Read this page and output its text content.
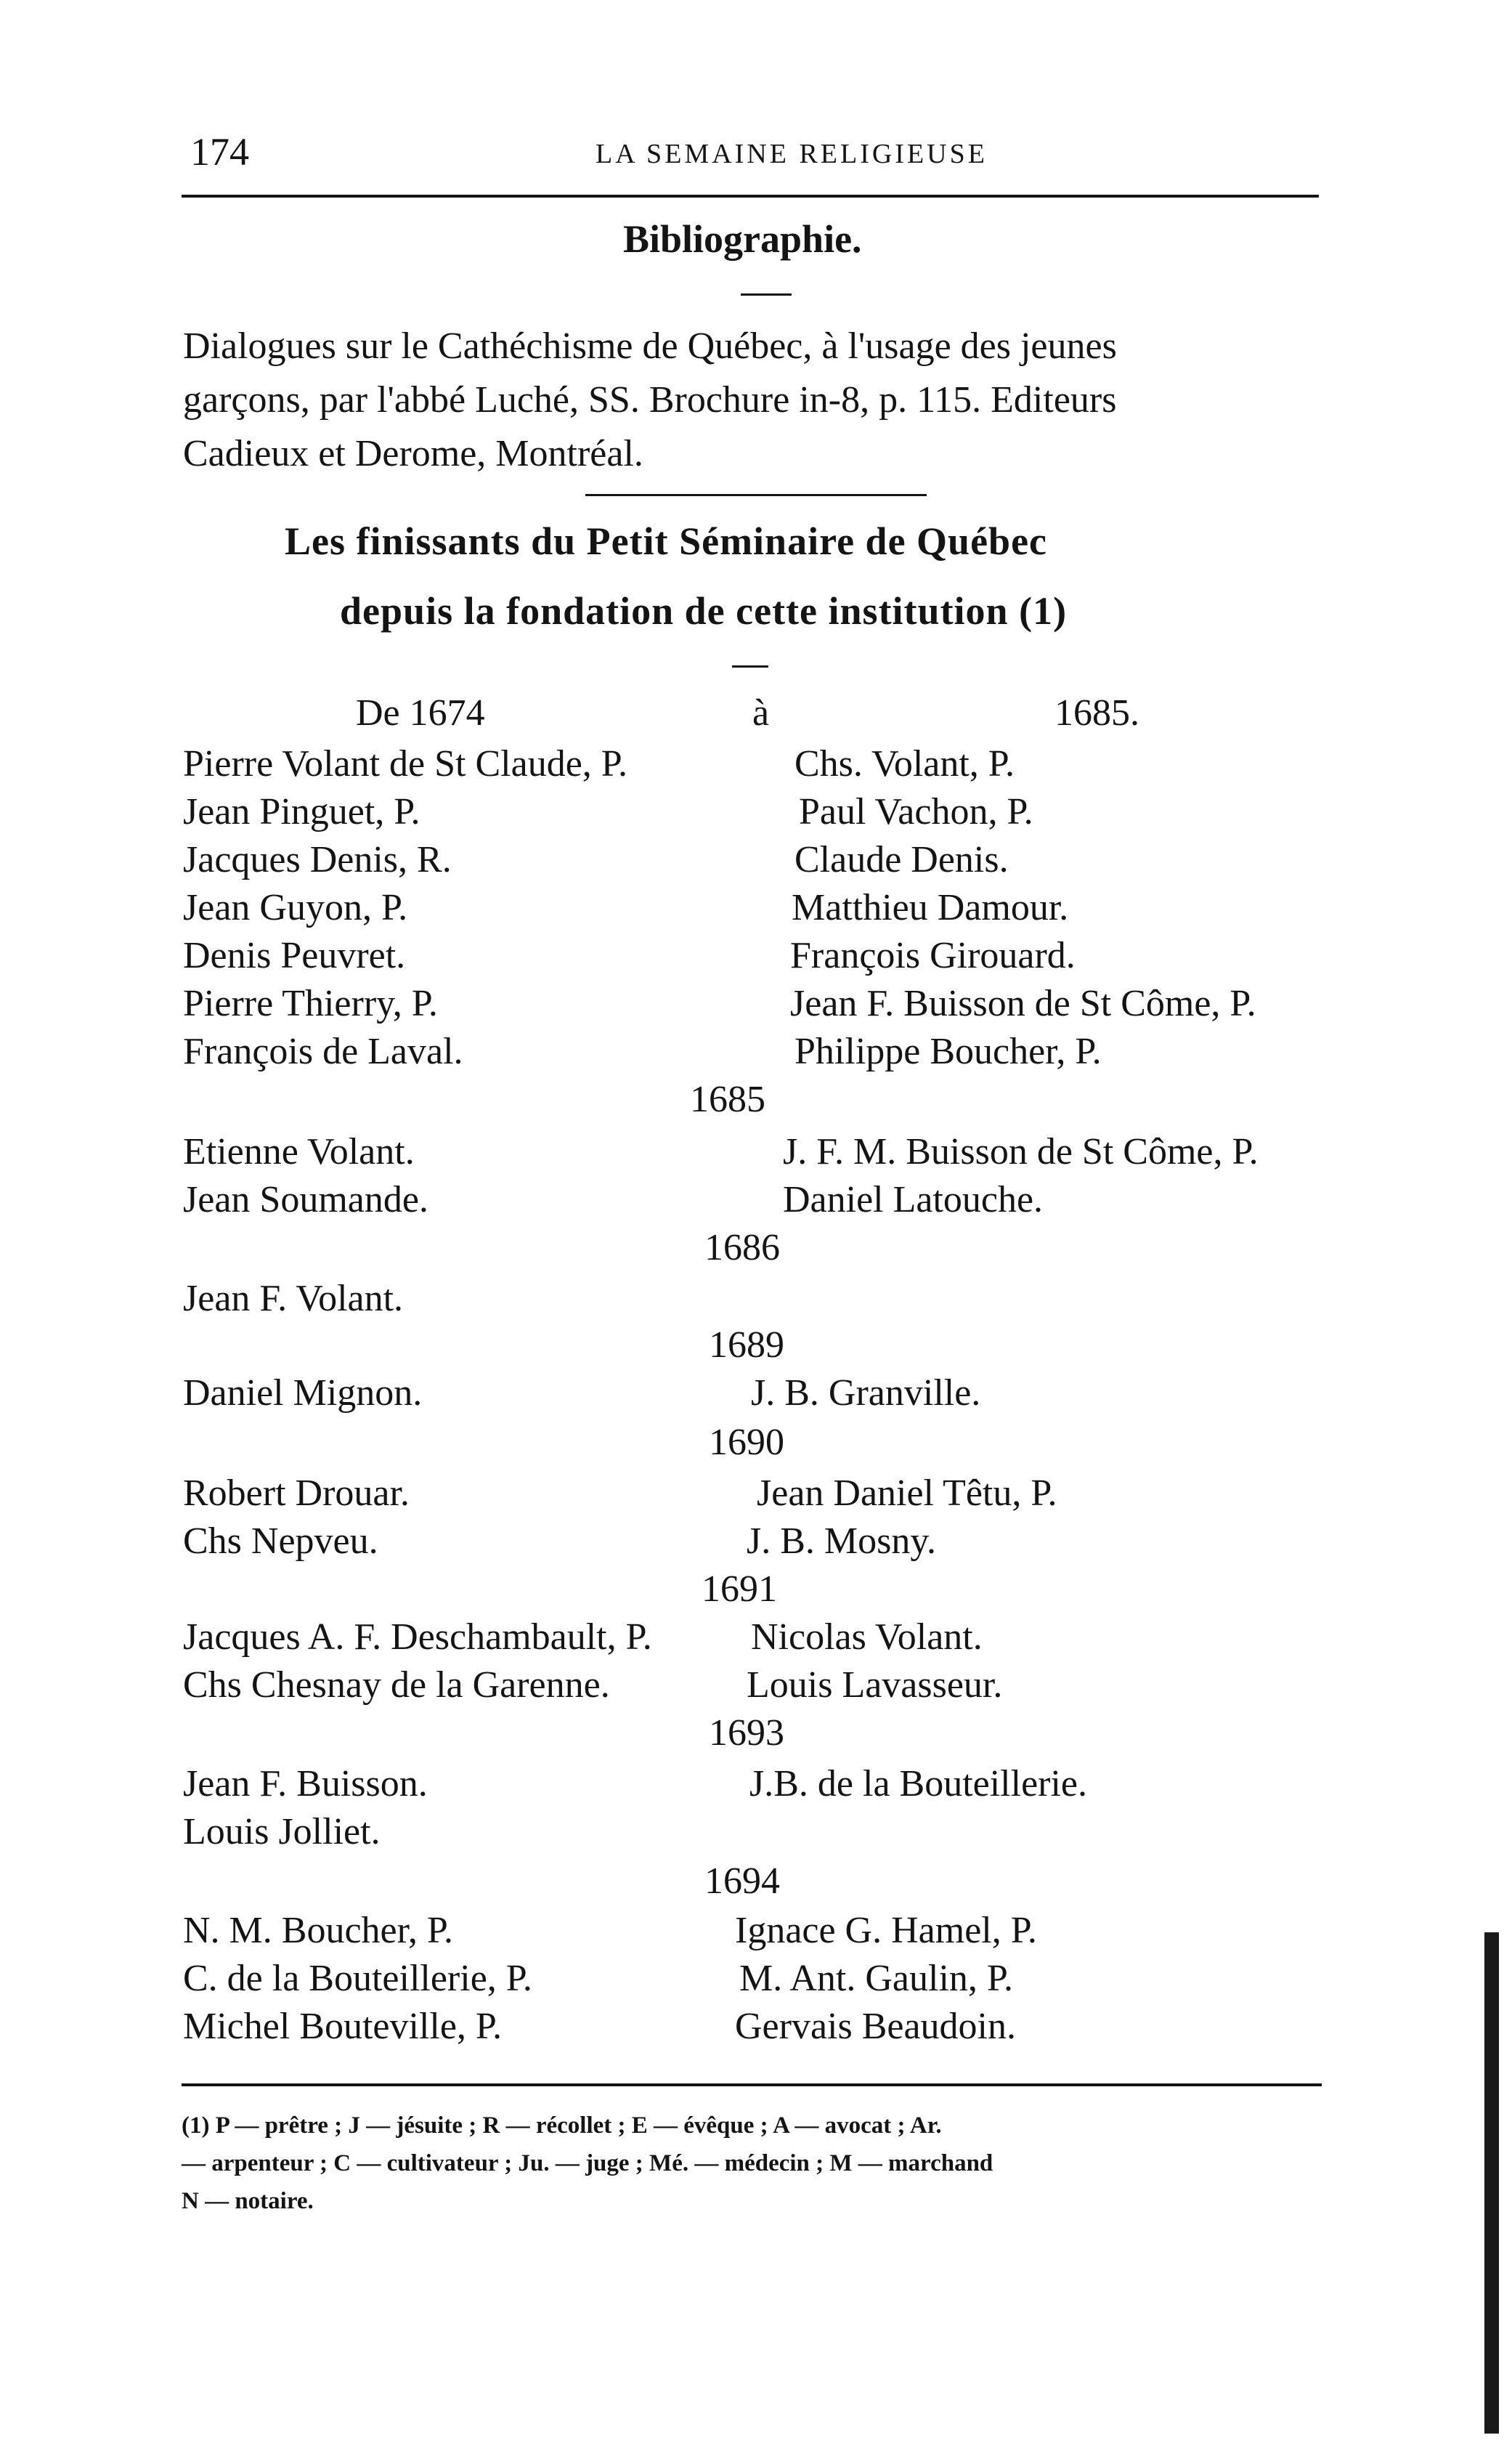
174	LA SEMAINE RELIGIEUSE
Bibliographie.

Dialogues sur le Cathéchisme de Québec, à l'usage des jeunes

garçons, par l'abbé Luché, SS. Brochure in-8, p. 115. Editeurs

Cadieux et Derome, Montréal.

Les finissants du Petit Séminaire de Québec
depuis la fondation de cette institution (1)
De 1674	à	1685.
Pierre Volant de St Claude, P.	Chs. Volant, P.
Jean Pinguet, P.	Paul Vachon, P.
Jacques Denis, R.	Claude Denis.
Jean Guyon, P.	Matthieu Damour.
Denis Peuvret.	François Girouard.
Pierre Thierry, P.	Jean F. Buisson de St Côme, P.
François de Laval.	Philippe Boucher, P.
1685
Etienne Volant.	J. F. M. Buisson de St Côme, P.
Jean Soumande.	Daniel Latouche.
1686
Jean F. Volant.
1689
Daniel Mignon.	J. B. Granville.
1690
Robert Drouar.	Jean Daniel Têtu, P.
Chs Nepveu.	J. B. Mosny.
1691
Jacques A. F. Deschambault, P.	Nicolas Volant.
Chs Chesnay de la Garenne.	Louis Lavasseur.
1693
Jean F. Buisson.	J.B. de la Bouteillerie.
Louis Jolliet.
1694
N. M. Boucher, P.	Ignace G. Hamel, P.
C. de la Bouteillerie, P.	M. Ant. Gaulin, P.
Michel Bouteville, P.	Gervais Beaudoin.

(1) P — prêtre ; J — jésuite ; R — récollet ; E — évêque ; A — avocat ; Ar.

— arpenteur ; C — cultivateur ; Ju. — juge ; Mé. — médecin ; M — marchand

N — notaire.
